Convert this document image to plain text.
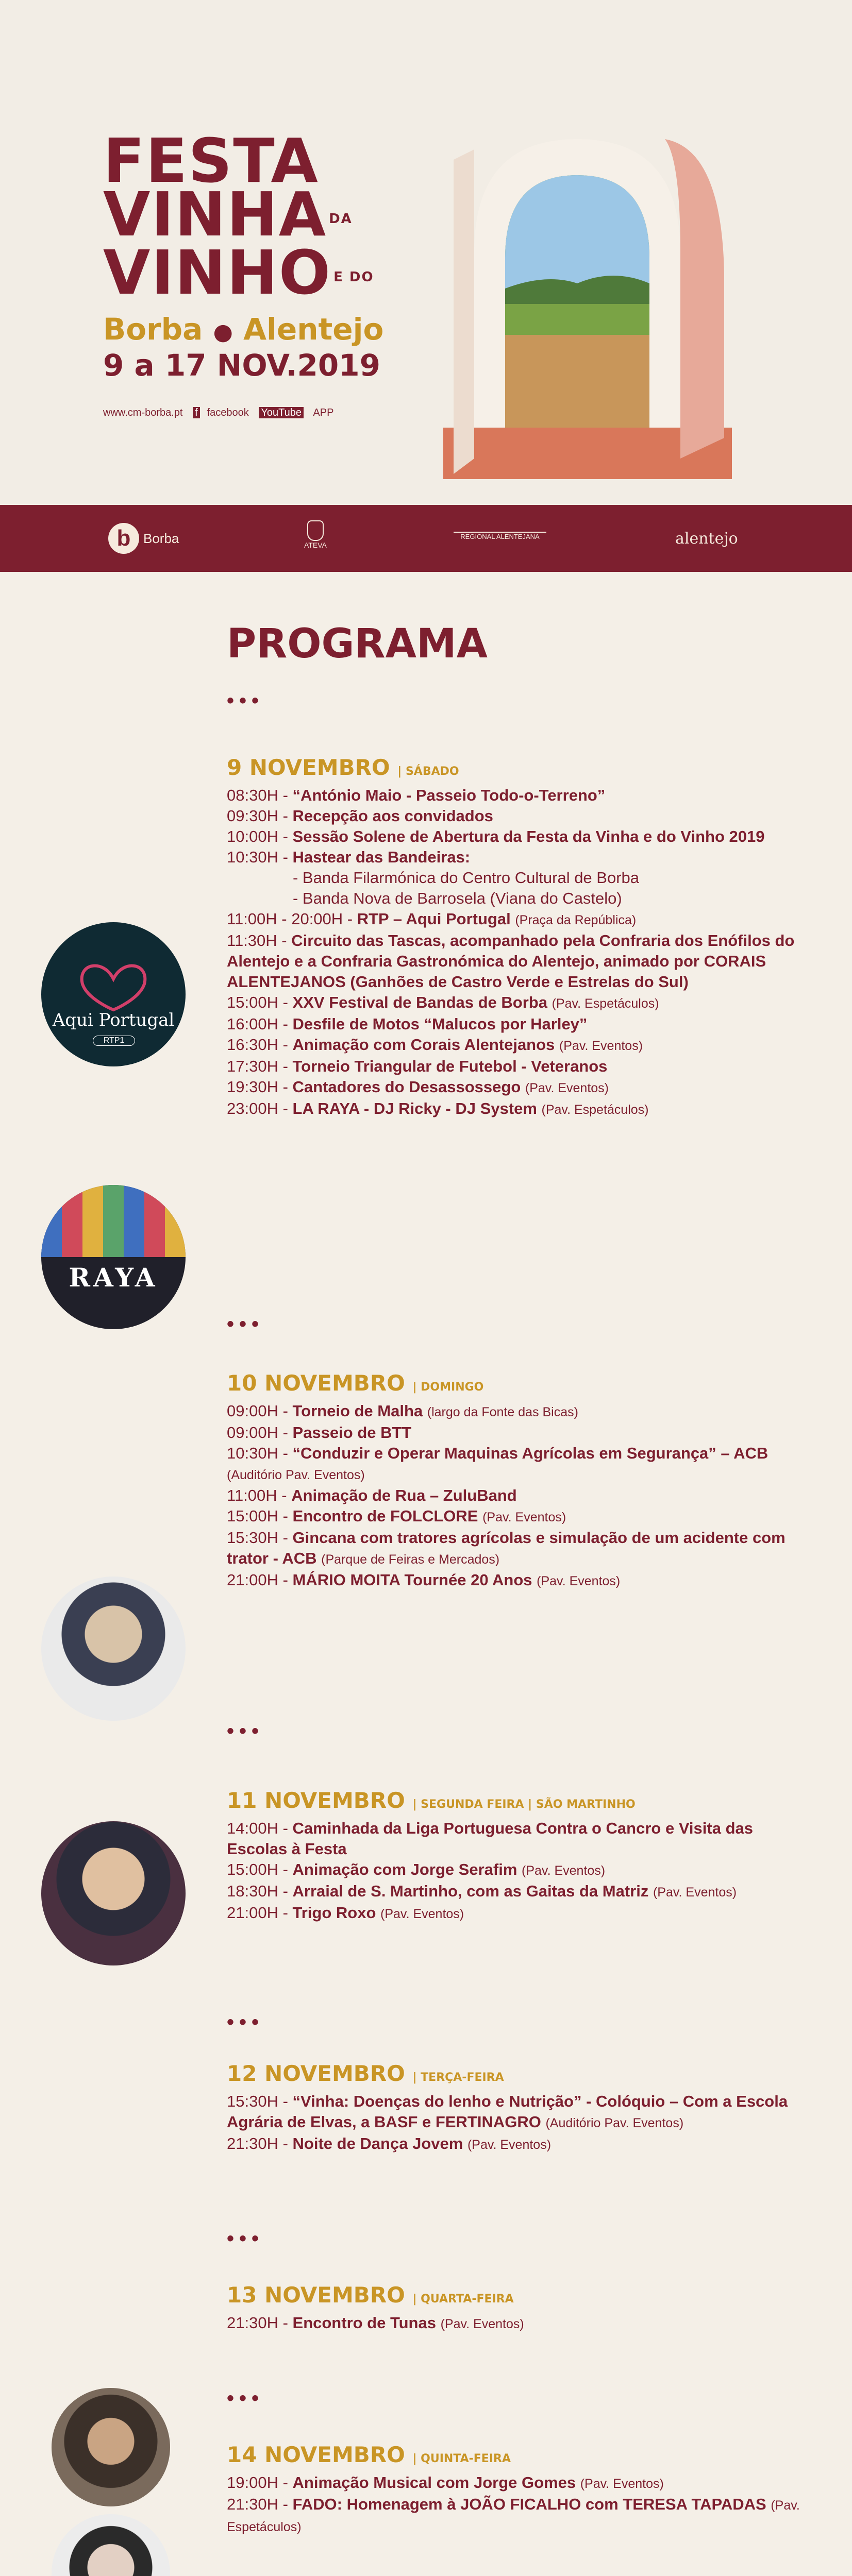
FESTA
VINHA DA
VINHO E DO
Borba ● Alentejo
9 a 17 NOV.2019
www.cm-borba.pt f facebook YouTube APP
b Borba	ATEVA
REGIONAL ALENTEJANA	alentejo
PROGRAMA
•••
Aqui Portugal
RTP1
RAYA
9 NOVEMBRO | SÁBADO
08:30H - “António Maio - Passeio Todo-o-Terreno”
09:30H - Recepção aos convidados
10:00H - Sessão Solene de Abertura da Festa da Vinha e do Vinho 2019
10:30H - Hastear das Bandeiras:
- Banda Filarmónica do Centro Cultural de Borba
- Banda Nova de Barrosela (Viana do Castelo)
11:00H - 20:00H - RTP – Aqui Portugal (Praça da República)
11:30H - Circuito das Tascas, acompanhado pela Confraria dos Enófilos do Alentejo e a Confraria Gastronómica do Alentejo, animado por CORAIS ALENTEJANOS (Ganhões de Castro Verde e Estrelas do Sul)
15:00H - XXV Festival de Bandas de Borba (Pav. Espetáculos)
16:00H - Desfile de Motos “Malucos por Harley”
16:30H - Animação com Corais Alentejanos (Pav. Eventos)
17:30H - Torneio Triangular de Futebol - Veteranos
19:30H - Cantadores do Desassossego (Pav. Eventos)
23:00H - LA RAYA - DJ Ricky - DJ System (Pav. Espetáculos)
10 NOVEMBRO | DOMINGO
09:00H - Torneio de Malha (largo da Fonte das Bicas)
09:00H - Passeio de BTT
10:30H - “Conduzir e Operar Maquinas Agrícolas em Segurança” – ACB (Auditório Pav. Eventos)
11:00H - Animação de Rua – ZuluBand
15:00H - Encontro de FOLCLORE (Pav. Eventos)
15:30H - Gincana com tratores agrícolas e simulação de um acidente com trator - ACB (Parque de Feiras e Mercados)
21:00H - MÁRIO MOITA Tournée 20 Anos (Pav. Eventos)
11 NOVEMBRO | SEGUNDA FEIRA | SÃO MARTINHO
14:00H - Caminhada da Liga Portuguesa Contra o Cancro e Visita das Escolas à Festa
15:00H - Animação com Jorge Serafim (Pav. Eventos)
18:30H - Arraial de S. Martinho, com as Gaitas da Matriz (Pav. Eventos)
21:00H - Trigo Roxo (Pav. Eventos)
12 NOVEMBRO | TERÇA-FEIRA
15:30H - “Vinha: Doenças do lenho e Nutrição” - Colóquio – Com a Escola Agrária de Elvas, a BASF e FERTINAGRO (Auditório Pav. Eventos)
21:30H - Noite de Dança Jovem (Pav. Eventos)
13 NOVEMBRO | QUARTA-FEIRA
21:30H - Encontro de Tunas (Pav. Eventos)
14 NOVEMBRO | QUINTA-FEIRA
19:00H - Animação Musical com Jorge Gomes (Pav. Eventos)
21:30H - FADO: Homenagem à JOÃO FICALHO com TERESA TAPADAS (Pav. Espetáculos)
•••
•••
•••
•••
•••
